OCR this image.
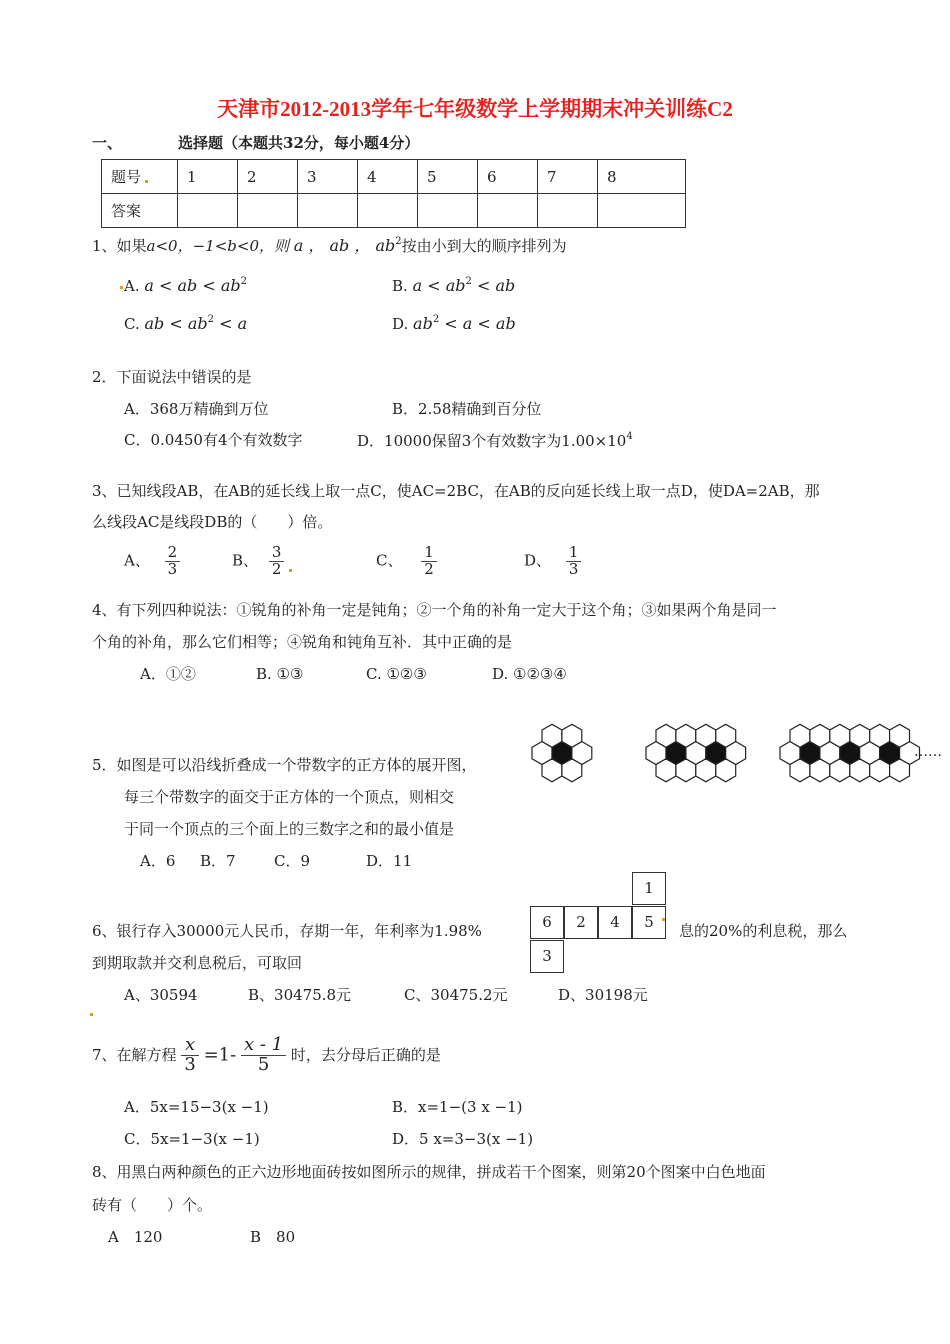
天津市2012-2013学年七年级数学上学期期末冲关训练C2
一、	选择题（本题共32分，每小题4分）
题号	1	2	3	4	5	6	7	8
答案								
1、如果a<0，−1<b<0，则 a ， ab ， $ab^2$按由小到大的顺序排列为
A. a < ab < $ab^2$	B. $a < ab^2$ < ab
C. ab < $ab^2 < a$	D. $ab^2 < a$ < ab
2．下面说法中错误的是
A．368万精确到万位	B．2.58精确到百分位
C．0.0450有4个有效数字	D．10000保留3个有效数字为$1.00\times 10^4$
3、已知线段AB，在AB的延长线上取一点C，使AC=2BC，在AB的反向延长线上取一点D，使DA=2AB，那
么线段AC是线段DB的（　　）倍。
A、 $\frac{2}{3}$	B、 $\frac{3}{2}$	C、 $\frac{1}{2}$	D、 $\frac{1}{3}$
4、有下列四种说法：①锐角的补角一定是钝角；②一个角的补角一定大于这个角；③如果两个角是同一
个角的补角，那么它们相等；④锐角和钝角互补．其中正确的是
A．①②	B. ①③	C. ①②③	D. ①②③④
……
5．如图是可以沿线折叠成一个带数字的正方体的展开图，
每三个带数字的面交于正方体的一个顶点，则相交
于同一个顶点的三个面上的三数字之和的最小值是
A．6 B．7	C．9	D．11
1
6	2	4	5
3
6、银行存入30000元人民币，存期一年，年利率为1.98%	息的20%的利息税，那么
到期取款并交利息税后，可取回
A、30594	B、30475.8元	C、30475.2元	D、30198元
7、在解方程 $\frac{x}{3} =1- \frac{x - 1}{5}$ 时，去分母后正确的是
A．5x=15−3(x −1)	B．x=1−(3 x −1)
C．5x=1−3(x −1)	D．5 x=3−3(x −1)
8、用黑白两种颜色的正六边形地面砖按如图所示的规律，拼成若干个图案，则第20个图案中白色地面
砖有（　　）个。
A　120	B　80
